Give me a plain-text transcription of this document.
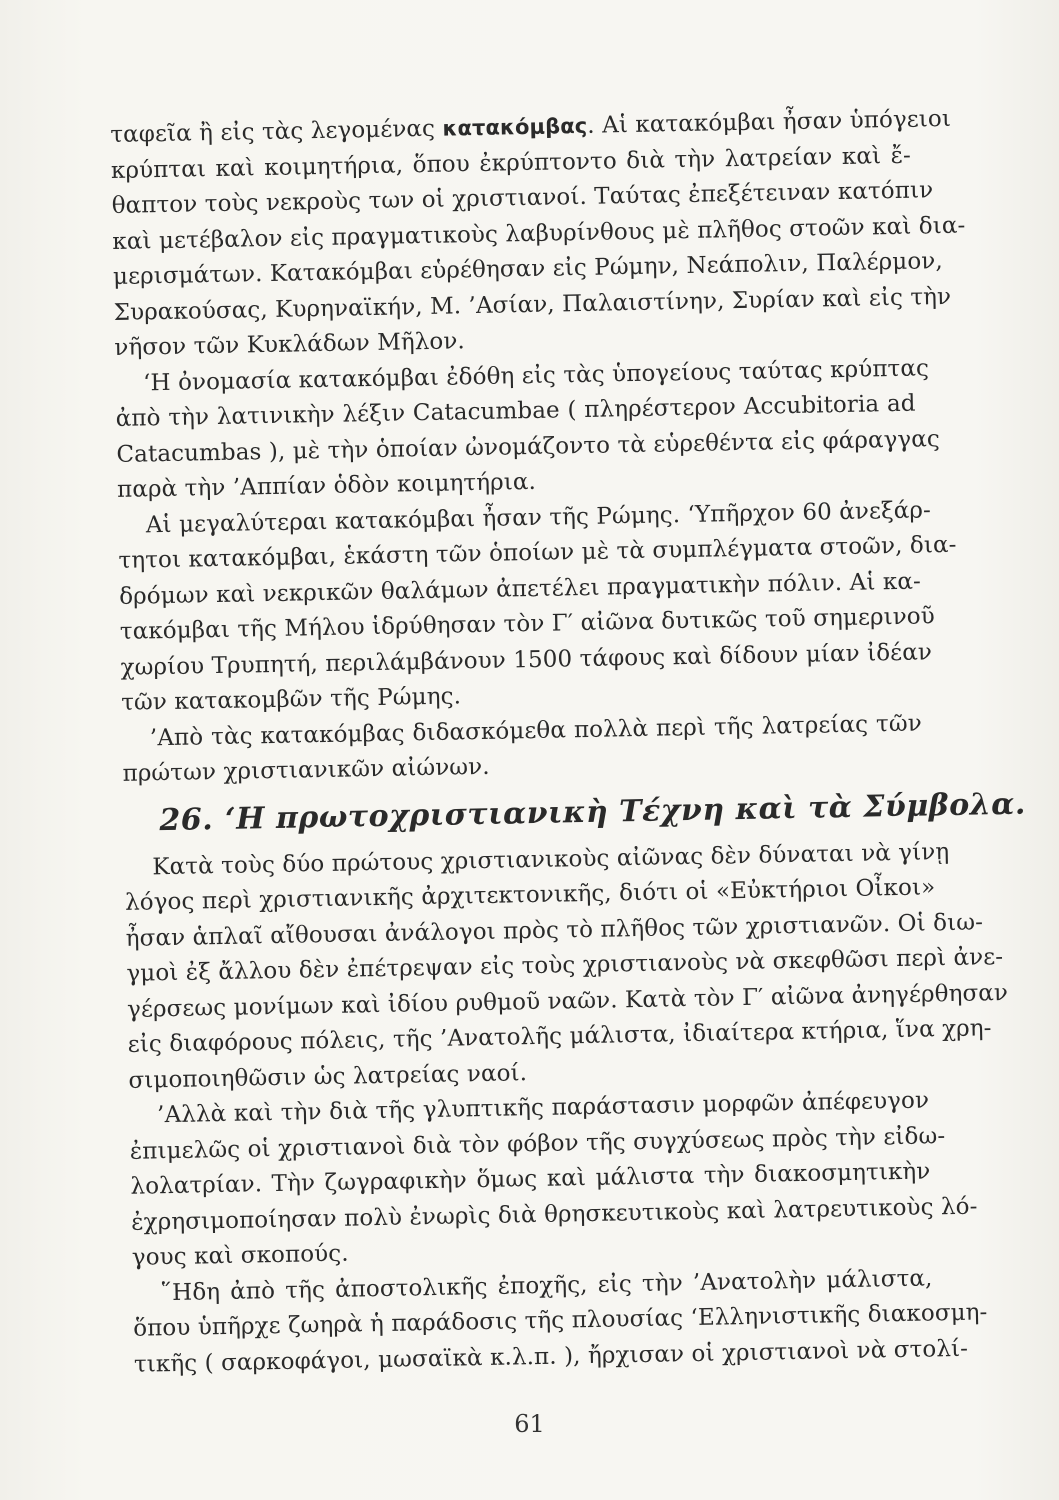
ταφεῖα ἢ εἰς τὰς λεγομένας κατακόμβας. Αἱ κατακόμβαι ἦσαν ὑπόγειοι
κρύπται καὶ κοιμητήρια, ὅπου ἐκρύπτοντο διὰ τὴν λατρείαν καὶ ἔ-
θαπτον τοὺς νεκροὺς των οἱ χριστιανοί. Ταύτας ἐπεξέτειναν κατόπιν
καὶ μετέβαλον εἰς πραγματικοὺς λαβυρίνθους μὲ πλῆθος στοῶν καὶ δια-
μερισμάτων. Κατακόμβαι εὑρέθησαν εἰς Ρώμην, Νεάπολιν, Παλέρμον,
Συρακούσας, Κυρηναϊκήν, Μ. ’Ασίαν, Παλαιστίνην, Συρίαν καὶ εἰς τὴν
νῆσον τῶν Κυκλάδων Μῆλον.
‘Η ὀνομασία κατακόμβαι ἐδόθη εἰς τὰς ὑπογείους ταύτας κρύπτας
ἀπὸ τὴν λατινικὴν λέξιν Catacumbae ( πληρέστερον Accubitoria ad
Catacumbas ), μὲ τὴν ὁποίαν ὠνομάζοντο τὰ εὑρεθέντα εἰς φάραγγας
παρὰ τὴν ’Αππίαν ὁδὸν κοιμητήρια.
Αἱ μεγαλύτεραι κατακόμβαι ἦσαν τῆς Ρώμης. ‘Υπῆρχον 60 ἀνεξάρ-
τητοι κατακόμβαι, ἑκάστη τῶν ὁποίων μὲ τὰ συμπλέγματα στοῶν, δια-
δρόμων καὶ νεκρικῶν θαλάμων ἀπετέλει πραγματικὴν πόλιν. Αἱ κα-
τακόμβαι τῆς Μήλου ἱδρύθησαν τὸν Γ′ αἰῶνα δυτικῶς τοῦ σημερινοῦ
χωρίου Τρυπητή, περιλάμβάνουν 1500 τάφους καὶ δίδουν μίαν ἰδέαν
τῶν κατακομβῶν τῆς Ρώμης.
’Απὸ τὰς κατακόμβας διδασκόμεθα πολλὰ περὶ τῆς λατρείας τῶν
πρώτων χριστιανικῶν αἰώνων.
26. ‘Η πρωτοχριστιανικὴ Τέχνη καὶ τὰ Σύμβολα.
Κατὰ τοὺς δύο πρώτους χριστιανικοὺς αἰῶνας δὲν δύναται νὰ γίνῃ
λόγος περὶ χριστιανικῆς ἀρχιτεκτονικῆς, διότι οἱ «Εὐκτήριοι Οἶκοι»
ἦσαν ἁπλαῖ αἴθουσαι ἀνάλογοι πρὸς τὸ πλῆθος τῶν χριστιανῶν. Οἱ διω-
γμοὶ ἐξ ἄλλου δὲν ἐπέτρεψαν εἰς τοὺς χριστιανοὺς νὰ σκεφθῶσι περὶ ἀνε-
γέρσεως μονίμων καὶ ἰδίου ρυθμοῦ ναῶν. Κατὰ τὸν Γ′ αἰῶνα ἀνηγέρθησαν
εἰς διαφόρους πόλεις, τῆς ’Ανατολῆς μάλιστα, ἰδιαίτερα κτήρια, ἵνα χρη-
σιμοποιηθῶσιν ὡς λατρείας ναοί.
’Αλλὰ καὶ τὴν διὰ τῆς γλυπτικῆς παράστασιν μορφῶν ἀπέφευγον
ἐπιμελῶς οἱ χριστιανοὶ διὰ τὸν φόβον τῆς συγχύσεως πρὸς τὴν εἰδω-
λολατρίαν. Τὴν ζωγραφικὴν ὅμως καὶ μάλιστα τὴν διακοσμητικὴν
ἐχρησιμοποίησαν πολὺ ἐνωρὶς διὰ θρησκευτικοὺς καὶ λατρευτικοὺς λό-
γους καὶ σκοπούς.
῞Ηδη ἀπὸ τῆς ἀποστολικῆς ἐποχῆς, εἰς τὴν ’Ανατολὴν μάλιστα,
ὅπου ὑπῆρχε ζωηρὰ ἡ παράδοσις τῆς πλουσίας ‘Ελληνιστικῆς διακοσμη-
τικῆς ( σαρκοφάγοι, μωσαϊκὰ κ.λ.π. ), ἤρχισαν οἱ χριστιανοὶ νὰ στολί-
61
